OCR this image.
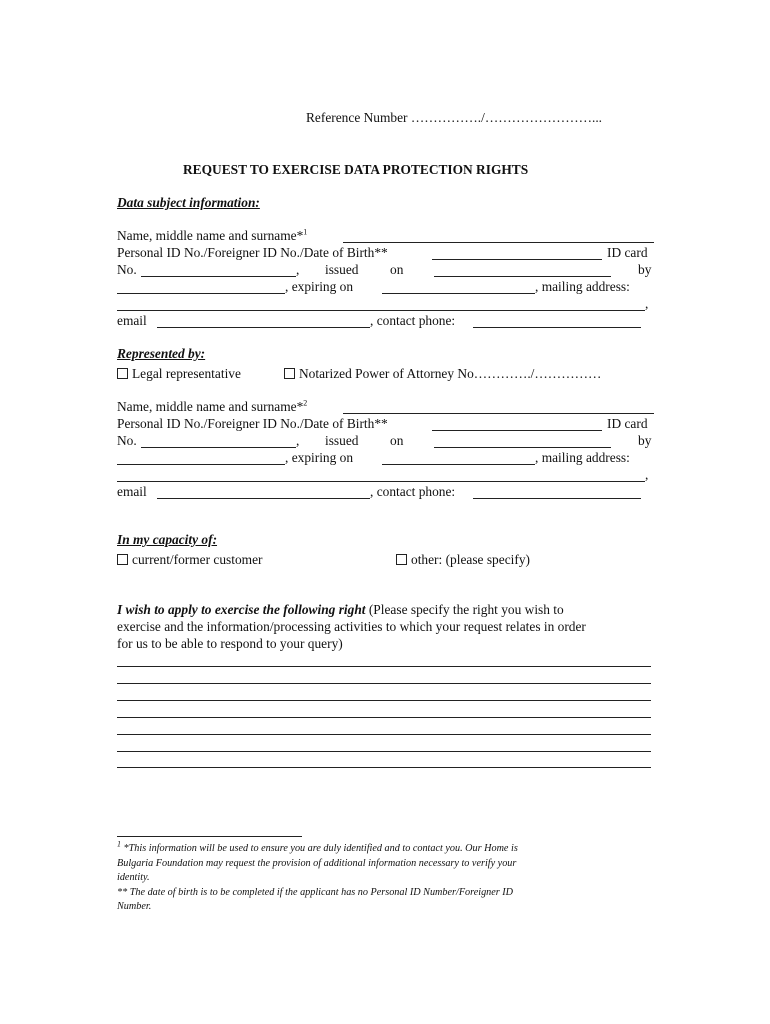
Reference Number ……………./……………………...
REQUEST TO EXERCISE DATA PROTECTION RIGHTS
Data subject information:
Name, middle name and surname*$^1$
Personal ID No./Foreigner ID No./Date of Birth**	ID card
No.	, issued on	by
, expiring on	, mailing address:
,
email	, contact phone:
Represented by:
Legal representative	Notarized Power of Attorney No…………./……………
Name, middle name and surname*$^2$
Personal ID No./Foreigner ID No./Date of Birth**	ID card
No.	, issued on	by
, expiring on	, mailing address:
,
email	, contact phone:
In my capacity of:
current/former customer	other: (please specify)
I wish to apply to exercise the following right (Please specify the right you wish to
exercise and the information/processing activities to which your request relates in order
for us to be able to respond to your query)
$^1$ *This information will be used to ensure you are duly identified and to contact you. Our Home is
Bulgaria Foundation may request the provision of additional information necessary to verify your
identity.
** The date of birth is to be completed if the applicant has no Personal ID Number/Foreigner ID
Number.
